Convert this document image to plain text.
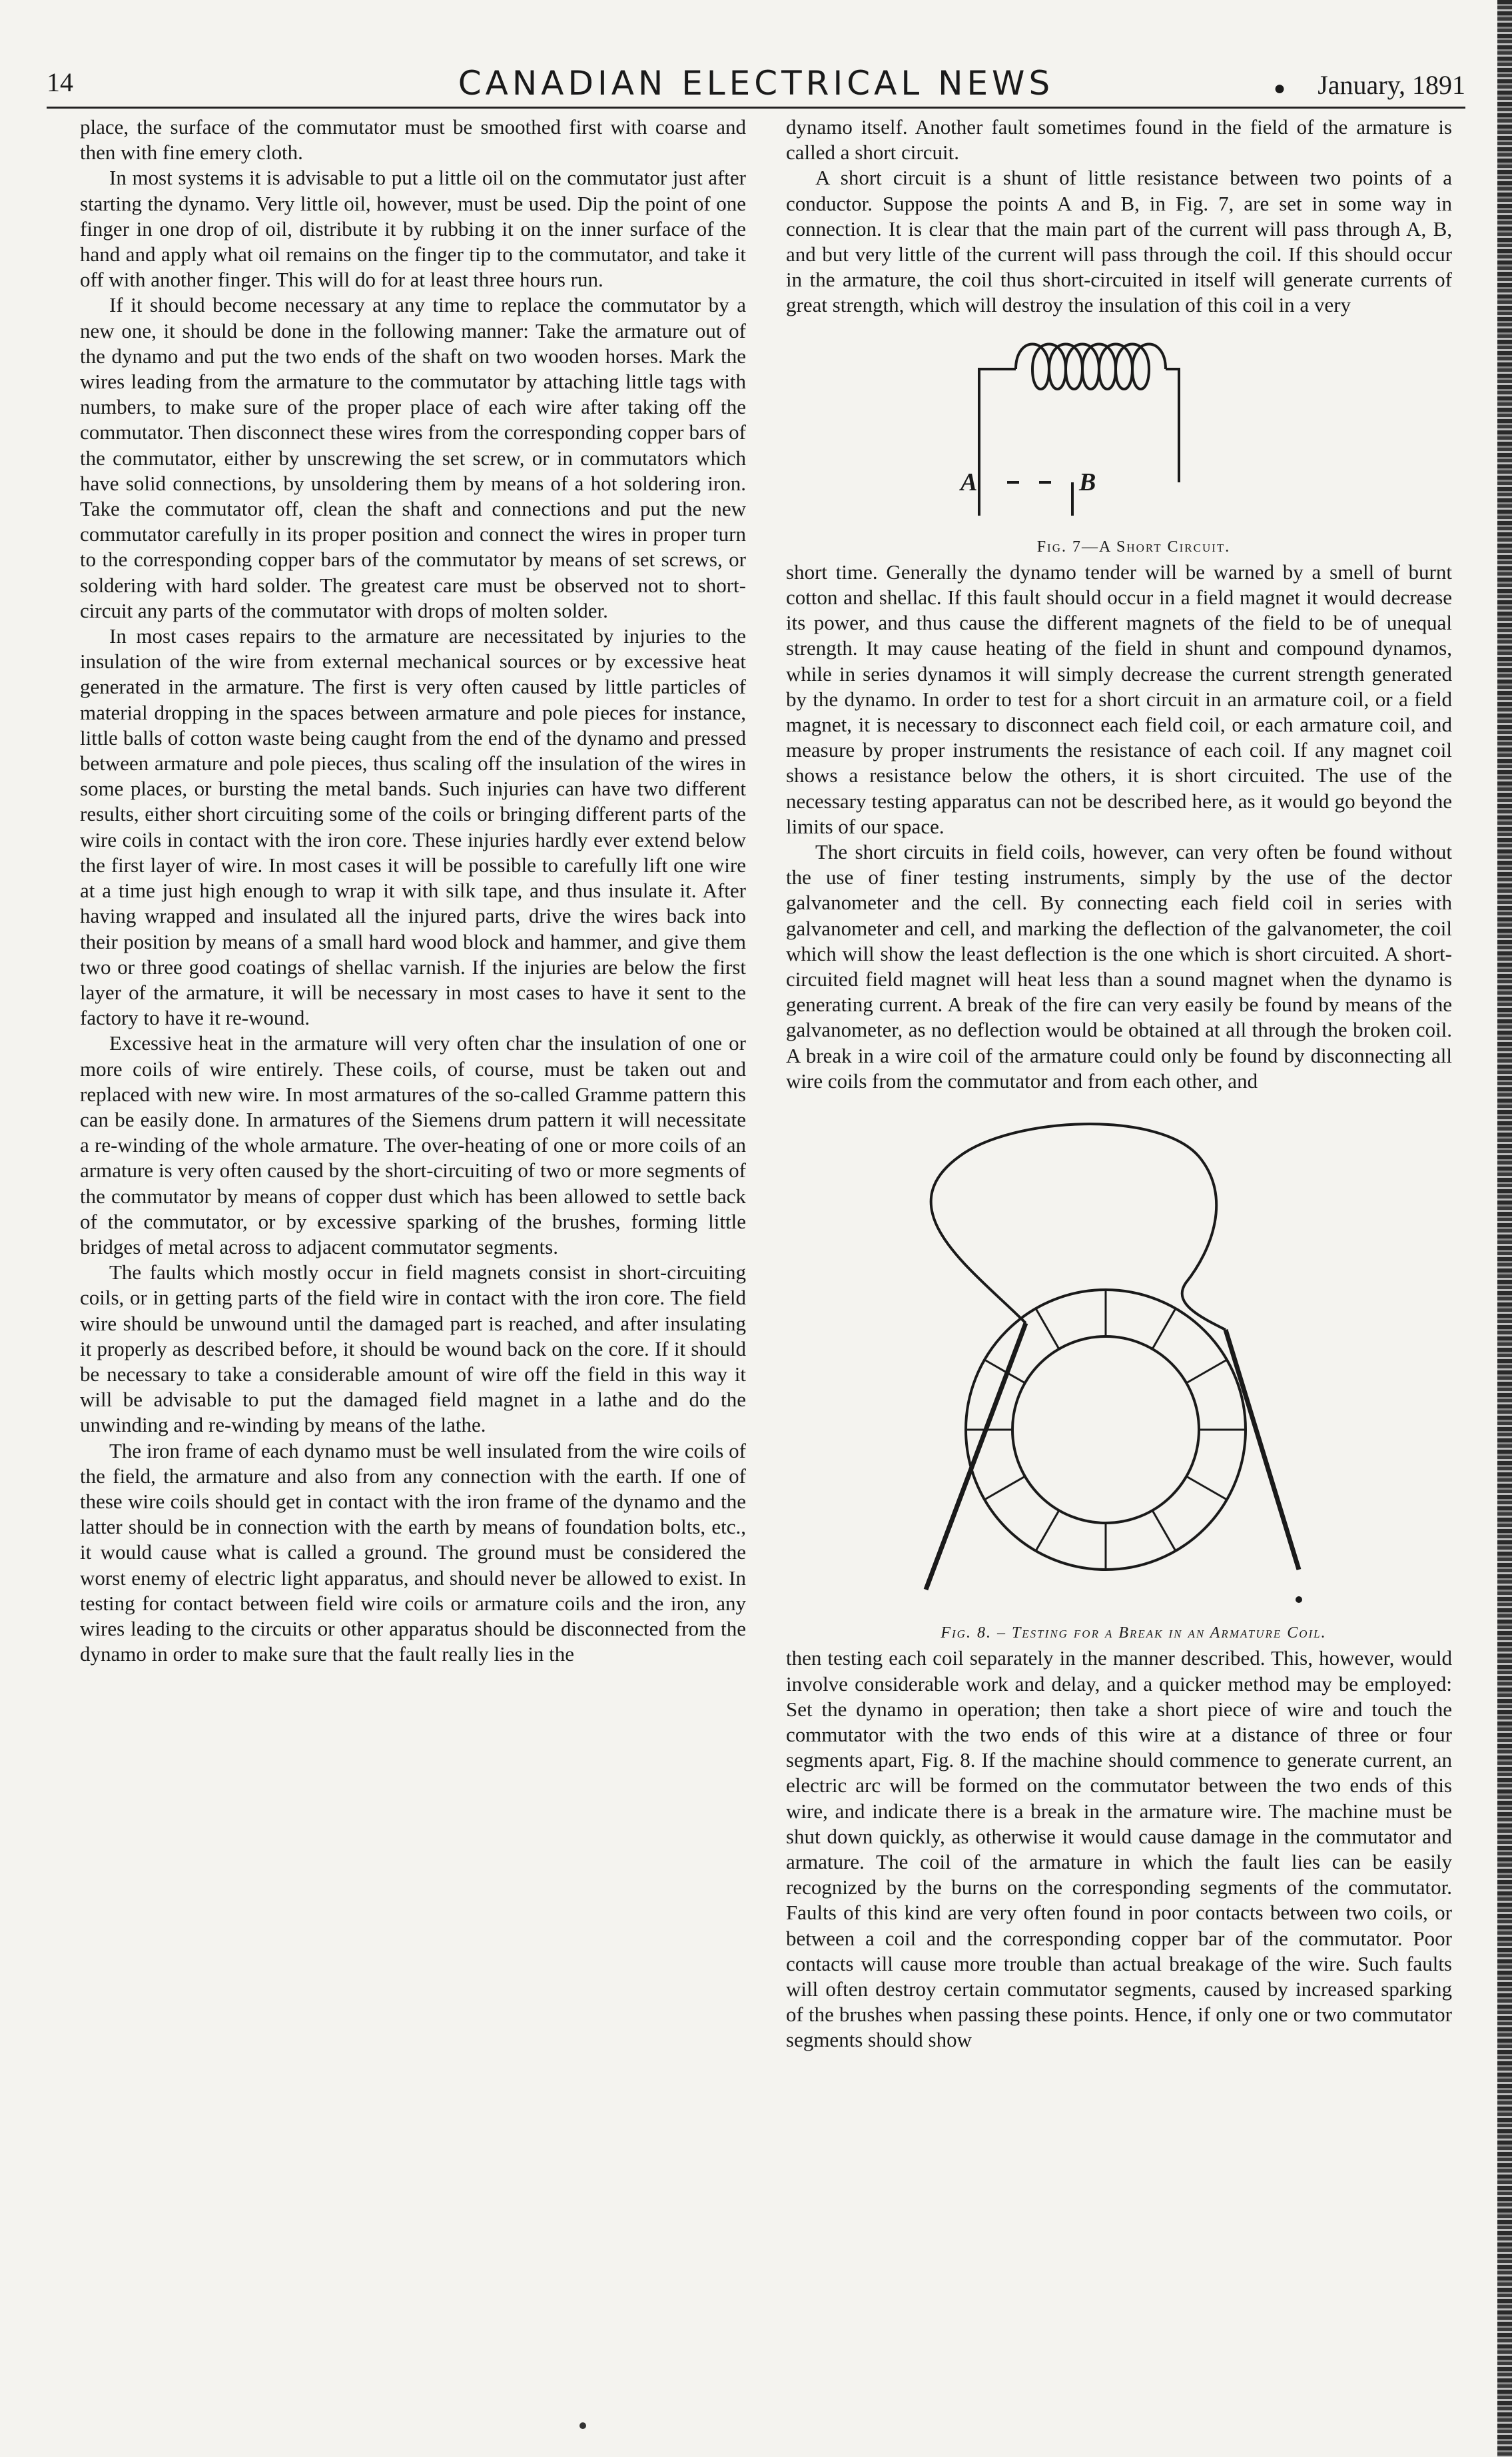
14	CANADIAN ELECTRICAL NEWS	● January, 1891

place, the surface of the commutator must be smoothed first with coarse and then with fine emery cloth.

In most systems it is advisable to put a little oil on the commutator just after starting the dynamo. Very little oil, however, must be used. Dip the point of one finger in one drop of oil, distribute it by rubbing it on the inner surface of the hand and apply what oil remains on the finger tip to the commutator, and take it off with another finger. This will do for at least three hours run.

If it should become necessary at any time to replace the commutator by a new one, it should be done in the following manner: Take the armature out of the dynamo and put the two ends of the shaft on two wooden horses. Mark the wires leading from the armature to the commutator by attaching little tags with numbers, to make sure of the proper place of each wire after taking off the commutator. Then disconnect these wires from the corresponding copper bars of the commutator, either by unscrewing the set screw, or in commutators which have solid connections, by unsoldering them by means of a hot soldering iron. Take the commutator off, clean the shaft and connections and put the new commutator carefully in its proper position and connect the wires in proper turn to the corresponding copper bars of the commutator by means of set screws, or soldering with hard solder. The greatest care must be observed not to short-circuit any parts of the commutator with drops of molten solder.

In most cases repairs to the armature are necessitated by injuries to the insulation of the wire from external mechanical sources or by excessive heat generated in the armature. The first is very often caused by little particles of material dropping in the spaces between armature and pole pieces for instance, little balls of cotton waste being caught from the end of the dynamo and pressed between armature and pole pieces, thus scaling off the insulation of the wires in some places, or bursting the metal bands. Such injuries can have two different results, either short circuiting some of the coils or bringing different parts of the wire coils in contact with the iron core. These injuries hardly ever extend below the first layer of wire. In most cases it will be possible to carefully lift one wire at a time just high enough to wrap it with silk tape, and thus insulate it. After having wrapped and insulated all the injured parts, drive the wires back into their position by means of a small hard wood block and hammer, and give them two or three good coatings of shellac varnish. If the injuries are below the first layer of the armature, it will be necessary in most cases to have it sent to the factory to have it re-wound.

Excessive heat in the armature will very often char the insulation of one or more coils of wire entirely. These coils, of course, must be taken out and replaced with new wire. In most armatures of the so-called Gramme pattern this can be easily done. In armatures of the Siemens drum pattern it will necessitate a re-winding of the whole armature. The over-heating of one or more coils of an armature is very often caused by the short-circuiting of two or more segments of the commutator by means of copper dust which has been allowed to settle back of the commutator, or by excessive sparking of the brushes, forming little bridges of metal across to adjacent commutator segments.

The faults which mostly occur in field magnets consist in short-circuiting coils, or in getting parts of the field wire in contact with the iron core. The field wire should be unwound until the damaged part is reached, and after insulating it properly as described before, it should be wound back on the core. If it should be necessary to take a considerable amount of wire off the field in this way it will be advisable to put the damaged field magnet in a lathe and do the unwinding and re-winding by means of the lathe.

The iron frame of each dynamo must be well insulated from the wire coils of the field, the armature and also from any connection with the earth. If one of these wire coils should get in contact with the iron frame of the dynamo and the latter should be in connection with the earth by means of foundation bolts, etc., it would cause what is called a ground. The ground must be considered the worst enemy of electric light apparatus, and should never be allowed to exist. In testing for contact between field wire coils or armature coils and the iron, any wires leading to the circuits or other apparatus should be disconnected from the dynamo in order to make sure that the fault really lies in the

dynamo itself. Another fault sometimes found in the field of the armature is called a short circuit.

A short circuit is a shunt of little resistance between two points of a conductor. Suppose the points A and B, in Fig. 7, are set in some way in connection. It is clear that the main part of the current will pass through A, B, and but very little of the current will pass through the coil. If this should occur in the armature, the coil thus short-circuited in itself will generate currents of great strength, which will destroy the insulation of this coil in a very

A	B

Fig. 7—A Short Circuit.

short time. Generally the dynamo tender will be warned by a smell of burnt cotton and shellac. If this fault should occur in a field magnet it would decrease its power, and thus cause the different magnets of the field to be of unequal strength. It may cause heating of the field in shunt and compound dynamos, while in series dynamos it will simply decrease the current strength generated by the dynamo. In order to test for a short circuit in an armature coil, or a field magnet, it is necessary to disconnect each field coil, or each armature coil, and measure by proper instruments the resistance of each coil. If any magnet coil shows a resistance below the others, it is short circuited. The use of the necessary testing apparatus can not be described here, as it would go beyond the limits of our space.

The short circuits in field coils, however, can very often be found without the use of finer testing instruments, simply by the use of the dector galvanometer and the cell. By connecting each field coil in series with galvanometer and cell, and marking the deflection of the galvanometer, the coil which will show the least deflection is the one which is short circuited. A short-circuited field magnet will heat less than a sound magnet when the dynamo is generating current. A break of the fire can very easily be found by means of the galvanometer, as no deflection would be obtained at all through the broken coil. A break in a wire coil of the armature could only be found by disconnecting all wire coils from the commutator and from each other, and

Fig. 8. – Testing for a Break in an Armature Coil.

then testing each coil separately in the manner described. This, however, would involve considerable work and delay, and a quicker method may be employed: Set the dynamo in operation; then take a short piece of wire and touch the commutator with the two ends of this wire at a distance of three or four segments apart, Fig. 8. If the machine should commence to generate current, an electric arc will be formed on the commutator between the two ends of this wire, and indicate there is a break in the armature wire. The machine must be shut down quickly, as otherwise it would cause damage in the commutator and armature. The coil of the armature in which the fault lies can be easily recognized by the burns on the corresponding segments of the commutator. Faults of this kind are very often found in poor contacts between two coils, or between a coil and the corresponding copper bar of the commutator. Poor contacts will cause more trouble than actual breakage of the wire. Such faults will often destroy certain commutator segments, caused by increased sparking of the brushes when passing these points. Hence, if only one or two commutator segments should show
